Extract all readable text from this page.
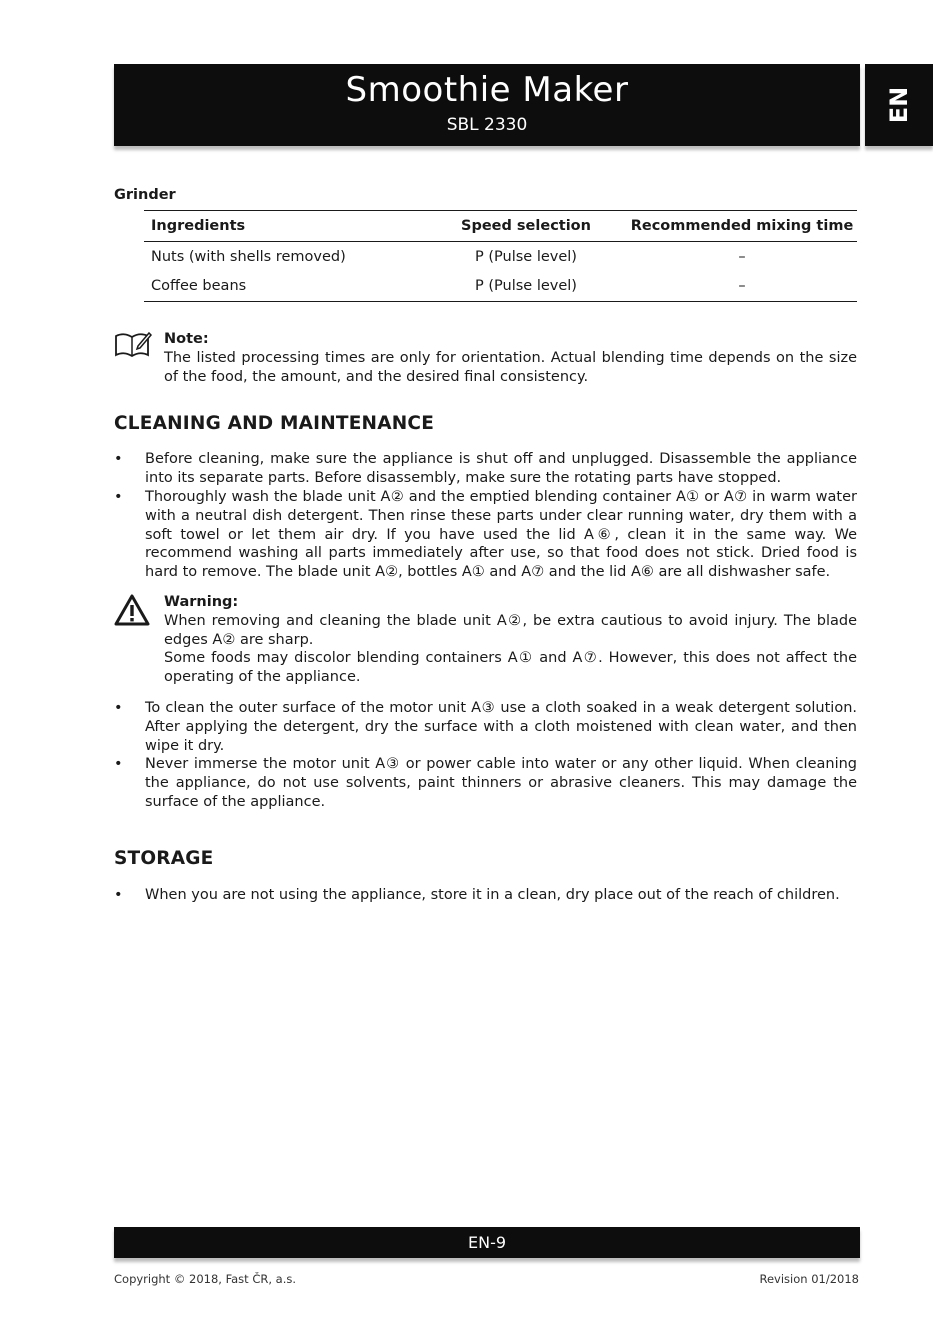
Smoothie Maker
SBL 2330
EN
Grinder
Ingredients	Speed selection	Recommended mixing time
Nuts (with shells removed)	P (Pulse level)	–
Coffee beans	P (Pulse level)	–
Note:
The listed processing times are only for orientation. Actual blending time depends on the size of the food, the amount, and the desired final consistency.
CLEANING AND MAINTENANCE
• Before cleaning, make sure the appliance is shut off and unplugged. Disassemble the appliance into its separate parts. Before disassembly, make sure the rotating parts have stopped.
• Thoroughly wash the blade unit A② and the emptied blending container A① or A⑦ in warm water with a neutral dish detergent. Then rinse these parts under clear running water, dry them with a soft towel or let them air dry. If you have used the lid A⑥, clean it in the same way. We recommend washing all parts immediately after use, so that food does not stick. Dried food is hard to remove. The blade unit A②, bottles A① and A⑦ and the lid A⑥ are all dishwasher safe.
Warning:
When removing and cleaning the blade unit A②, be extra cautious to avoid injury. The blade edges A② are sharp.
Some foods may discolor blending containers A① and A⑦. However, this does not affect the operating of the appliance.
• To clean the outer surface of the motor unit A③ use a cloth soaked in a weak detergent solution. After applying the detergent, dry the surface with a cloth moistened with clean water, and then wipe it dry.
• Never immerse the motor unit A③ or power cable into water or any other liquid. When cleaning the appliance, do not use solvents, paint thinners or abrasive cleaners. This may damage the surface of the appliance.
STORAGE
• When you are not using the appliance, store it in a clean, dry place out of the reach of children.
EN-9
Copyright © 2018, Fast ČR, a.s.	Revision 01/2018
